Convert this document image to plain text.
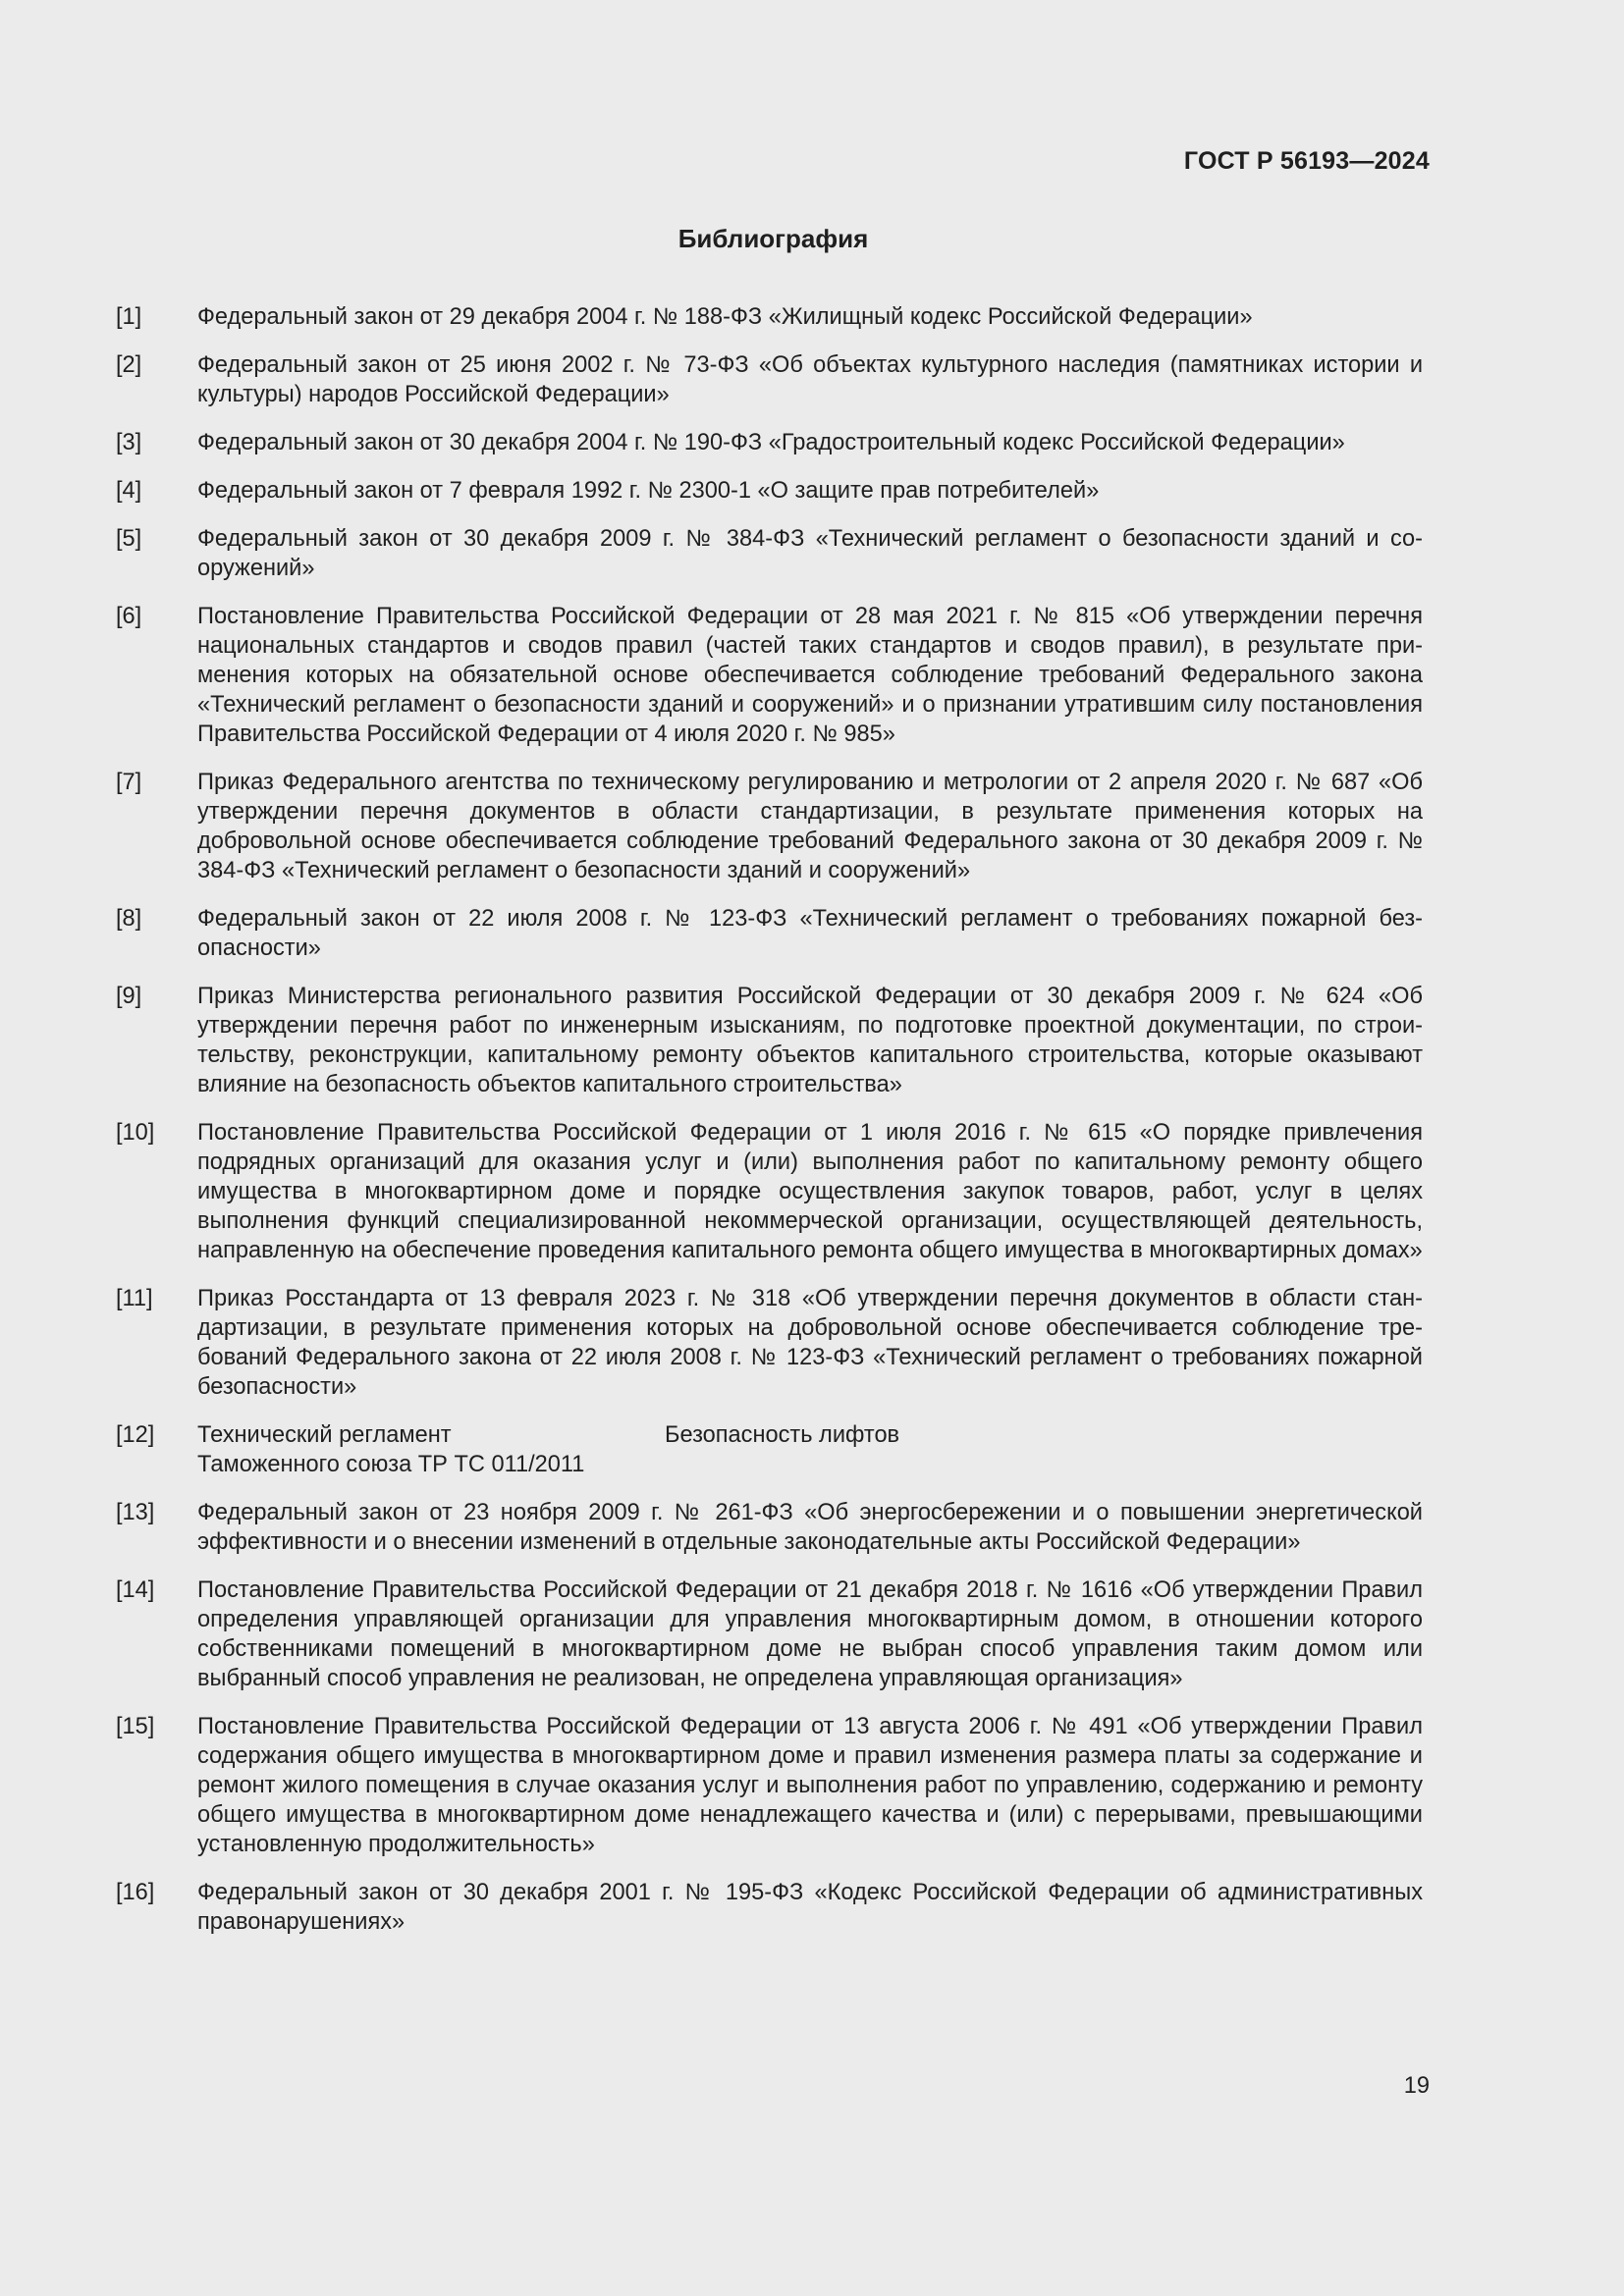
ГОСТ Р 56193—2024
Библиография
[1] Федеральный закон от 29 декабря 2004 г. № 188-ФЗ «Жилищный кодекс Российской Федерации»
[2] Федеральный закон от 25 июня 2002 г. № 73-ФЗ «Об объектах культурного наследия (памятниках истории и культуры) народов Российской Федерации»
[3] Федеральный закон от 30 декабря 2004 г. № 190-ФЗ «Градостроительный кодекс Российской Федерации»
[4] Федеральный закон от 7 февраля 1992 г. № 2300-1 «О защите прав потребителей»
[5] Федеральный закон от 30 декабря 2009 г. № 384-ФЗ «Технический регламент о безопасности зданий и сооружений»
[6] Постановление Правительства Российской Федерации от 28 мая 2021 г. № 815 «Об утверждении перечня национальных стандартов и сводов правил (частей таких стандартов и сводов правил), в результате применения которых на обязательной основе обеспечивается соблюдение требований Федерального закона «Технический регламент о безопасности зданий и сооружений» и о признании утратившим силу постановления Правительства Российской Федерации от 4 июля 2020 г. № 985»
[7] Приказ Федерального агентства по техническому регулированию и метрологии от 2 апреля 2020 г. № 687 «Об утверждении перечня документов в области стандартизации, в результате применения которых на добровольной основе обеспечивается соблюдение требований Федерального закона от 30 декабря 2009 г. № 384-ФЗ «Технический регламент о безопасности зданий и сооружений»
[8] Федеральный закон от 22 июля 2008 г. № 123-ФЗ «Технический регламент о требованиях пожарной безопасности»
[9] Приказ Министерства регионального развития Российской Федерации от 30 декабря 2009 г. № 624 «Об утверждении перечня работ по инженерным изысканиям, по подготовке проектной документации, по строительству, реконструкции, капитальному ремонту объектов капитального строительства, которые оказывают влияние на безопасность объектов капитального строительства»
[10] Постановление Правительства Российской Федерации от 1 июля 2016 г. № 615 «О порядке привлечения подрядных организаций для оказания услуг и (или) выполнения работ по капитальному ремонту общего имущества в многоквартирном доме и порядке осуществления закупок товаров, работ, услуг в целях выполнения функций специализированной некоммерческой организации, осуществляющей деятельность, направленную на обеспечение проведения капитального ремонта общего имущества в многоквартирных домах»
[11] Приказ Росстандарта от 13 февраля 2023 г. № 318 «Об утверждении перечня документов в области стандартизации, в результате применения которых на добровольной основе обеспечивается соблюдение требований Федерального закона от 22 июля 2008 г. № 123-ФЗ «Технический регламент о требованиях пожарной безопасности»
[12] Технический регламент
Таможенного союза ТР ТС 011/2011Безопасность лифтов
[13] Федеральный закон от 23 ноября 2009 г. № 261-ФЗ «Об энергосбережении и о повышении энергетической эффективности и о внесении изменений в отдельные законодательные акты Российской Федерации»
[14] Постановление Правительства Российской Федерации от 21 декабря 2018 г. № 1616 «Об утверждении Правил определения управляющей организации для управления многоквартирным домом, в отношении которого собственниками помещений в многоквартирном доме не выбран способ управления таким домом или выбранный способ управления не реализован, не определена управляющая организация»
[15] Постановление Правительства Российской Федерации от 13 августа 2006 г. № 491 «Об утверждении Правил содержания общего имущества в многоквартирном доме и правил изменения размера платы за содержание и ремонт жилого помещения в случае оказания услуг и выполнения работ по управлению, содержанию и ремонту общего имущества в многоквартирном доме ненадлежащего качества и (или) с перерывами, превышающими установленную продолжительность»
[16] Федеральный закон от 30 декабря 2001 г. № 195-ФЗ «Кодекс Российской Федерации об административных правонарушениях»
19
